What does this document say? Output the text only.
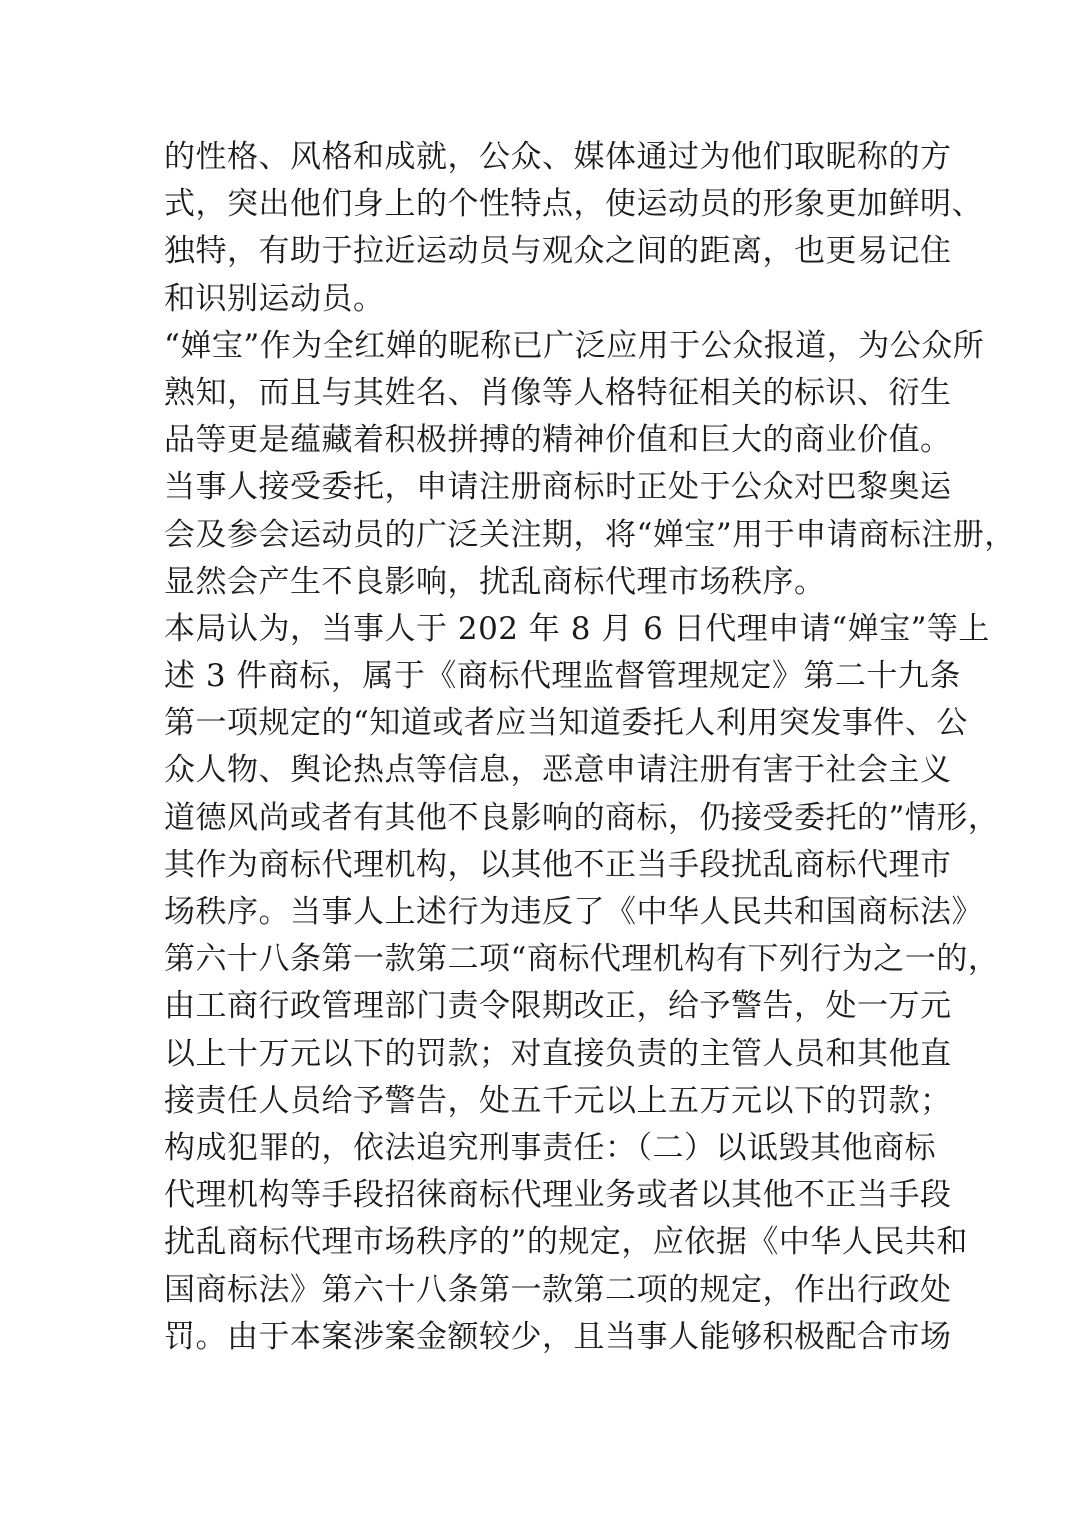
的性格、风格和成就，公众、媒体通过为他们取昵称的方
式，突出他们身上的个性特点，使运动员的形象更加鲜明、
独特，有助于拉近运动员与观众之间的距离，也更易记住
和识别运动员。
“婵宝”作为全红婵的昵称已广泛应用于公众报道，为公众所
熟知，而且与其姓名、肖像等人格特征相关的标识、衍生
品等更是蕴藏着积极拼搏的精神价值和巨大的商业价值。
当事人接受委托，申请注册商标时正处于公众对巴黎奥运
会及参会运动员的广泛关注期，将“婵宝”用于申请商标注册，
显然会产生不良影响，扰乱商标代理市场秩序。
本局认为，当事人于 202 年 8 月 6 日代理申请“婵宝”等上
述 3 件商标，属于《商标代理监督管理规定》第二十九条
第一项规定的“知道或者应当知道委托人利用突发事件、公
众人物、舆论热点等信息，恶意申请注册有害于社会主义
道德风尚或者有其他不良影响的商标，仍接受委托的”情形，
其作为商标代理机构，以其他不正当手段扰乱商标代理市
场秩序。当事人上述行为违反了《中华人民共和国商标法》
第六十八条第一款第二项“商标代理机构有下列行为之一的，
由工商行政管理部门责令限期改正，给予警告，处一万元
以上十万元以下的罚款；对直接负责的主管人员和其他直
接责任人员给予警告，处五千元以上五万元以下的罚款；
构成犯罪的，依法追究刑事责任：（二）以诋毁其他商标
代理机构等手段招徕商标代理业务或者以其他不正当手段
扰乱商标代理市场秩序的”的规定，应依据《中华人民共和
国商标法》第六十八条第一款第二项的规定，作出行政处
罚。由于本案涉案金额较少，且当事人能够积极配合市场
